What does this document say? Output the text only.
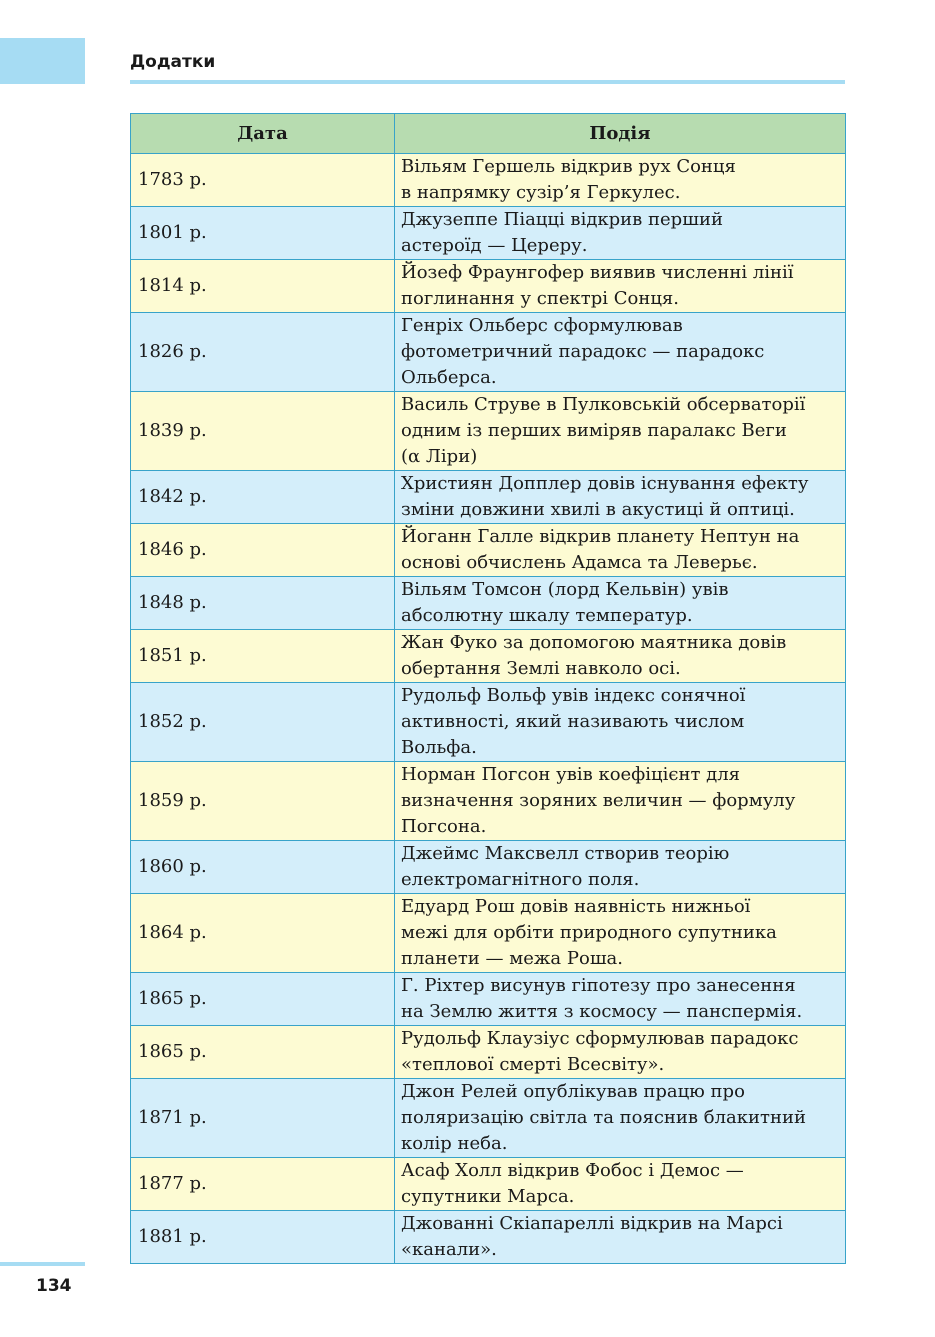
Додатки
Дата	Подія
1783 р.	Вільям Гершель відкрив рух Сонця
в напрямку сузір’я Геркулес.

1801 р.	Джузеппе Піацці відкрив перший
астероїд — Цереру.

1814 р.	Йозеф Фраунгофер виявив численні лінії
поглинання у спектрі Сонця.

1826 р.	Генріх Ольберс сформулював
фотометричний парадокс — парадокс
Ольберса.

1839 р.	Василь Струве в Пулковській обсерваторії
одним із перших виміряв паралакс Веги
(α Ліри)

1842 р.	Християн Допплер довів існування ефекту
зміни довжини хвилі в акустиці й оптиці.

1846 р.	Йоганн Галле відкрив планету Нептун на
основі обчислень Адамса та Леверьє.

1848 р.	Вільям Томсон (лорд Кельвін) увів
абсолютну шкалу температур.

1851 р.	Жан Фуко за допомогою маятника довів
обертання Землі навколо осі.

1852 р.	Рудольф Вольф увів індекс сонячної
активності, який називають числом
Вольфа.

1859 р.	Норман Погсон увів коефіцієнт для
визначення зоряних величин — формулу
Погсона.

1860 р.	Джеймс Максвелл створив теорію
електромагнітного поля.

1864 р.	Едуард Рош довів наявність нижньої
межі для орбіти природного супутника
планети — межа Роша.

1865 р.	Г. Ріхтер висунув гіпотезу про занесення
на Землю життя з космосу — панспермія.

1865 р.	Рудольф Клаузіус сформулював парадокс
«теплової смерті Всесвіту».

1871 р.	Джон Релей опублікував працю про
поляризацію світла та пояснив блакитний
колір неба.

1877 р.	Асаф Холл відкрив Фобос і Демос —
супутники Марса.

1881 р.	Джованні Скіапареллі відкрив на Марсі
«канали».
134
